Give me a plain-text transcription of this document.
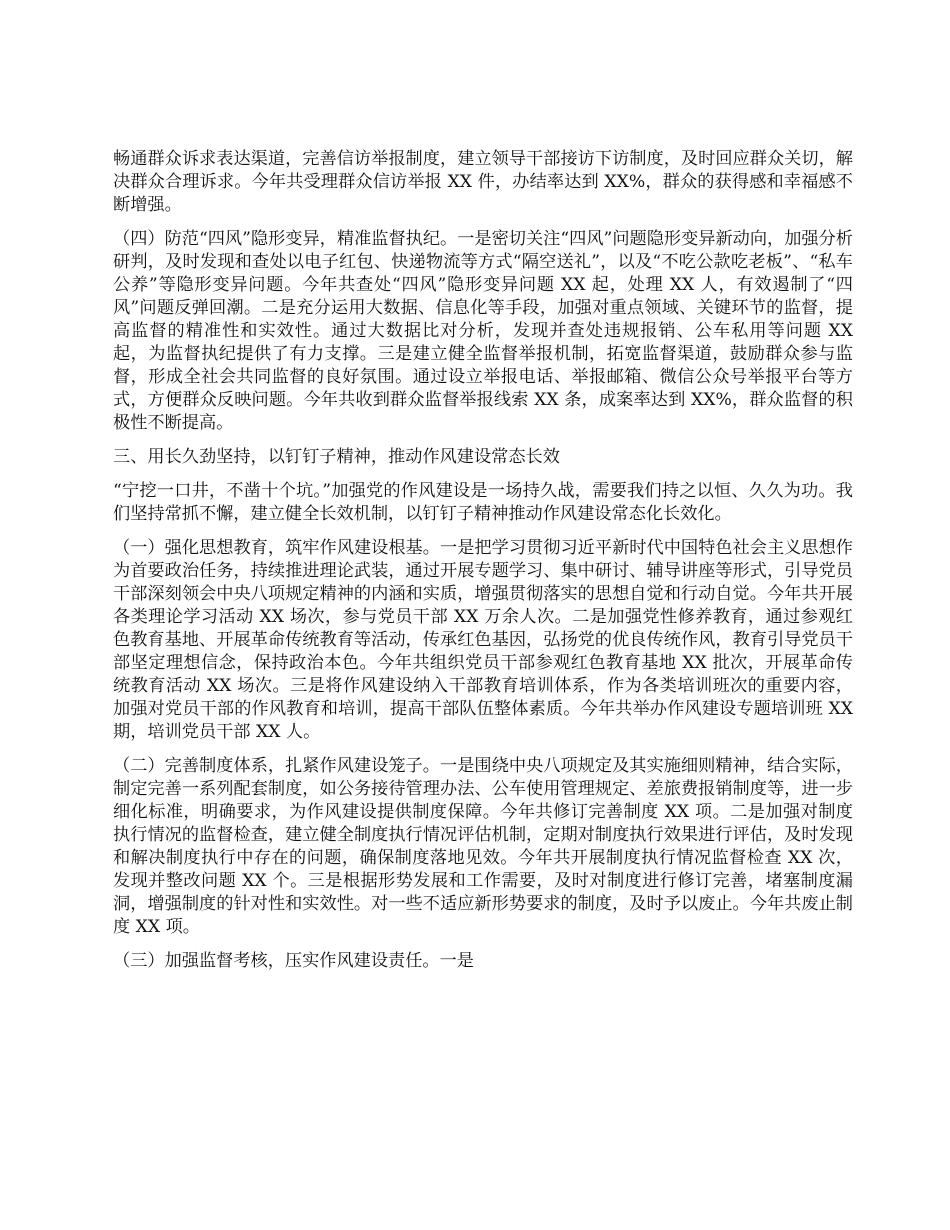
畅通群众诉求表达渠道，完善信访举报制度，建立领导干部接访下访制度，及时回应群众关切，解决群众合理诉求。今年共受理群众信访举报 XX 件，办结率达到 XX%，群众的获得感和幸福感不断增强。

（四）防范“四风”隐形变异，精准监督执纪。一是密切关注“四风”问题隐形变异新动向，加强分析研判，及时发现和查处以电子红包、快递物流等方式“隔空送礼”，以及“不吃公款吃老板”、“私车公养”等隐形变异问题。今年共查处“四风”隐形变异问题 XX 起，处理 XX 人，有效遏制了“四风”问题反弹回潮。二是充分运用大数据、信息化等手段，加强对重点领域、关键环节的监督，提高监督的精准性和实效性。通过大数据比对分析，发现并查处违规报销、公车私用等问题 XX 起，为监督执纪提供了有力支撑。三是建立健全监督举报机制，拓宽监督渠道，鼓励群众参与监督，形成全社会共同监督的良好氛围。通过设立举报电话、举报邮箱、微信公众号举报平台等方式，方便群众反映问题。今年共收到群众监督举报线索 XX 条，成案率达到 XX%，群众监督的积极性不断提高。

三、用长久劲坚持，以钉钉子精神，推动作风建设常态长效

“宁挖一口井，不凿十个坑。”加强党的作风建设是一场持久战，需要我们持之以恒、久久为功。我们坚持常抓不懈，建立健全长效机制，以钉钉子精神推动作风建设常态化长效化。

（一）强化思想教育，筑牢作风建设根基。一是把学习贯彻习近平新时代中国特色社会主义思想作为首要政治任务，持续推进理论武装，通过开展专题学习、集中研讨、辅导讲座等形式，引导党员干部深刻领会中央八项规定精神的内涵和实质，增强贯彻落实的思想自觉和行动自觉。今年共开展各类理论学习活动 XX 场次，参与党员干部 XX 万余人次。二是加强党性修养教育，通过参观红色教育基地、开展革命传统教育等活动，传承红色基因，弘扬党的优良传统作风，教育引导党员干部坚定理想信念，保持政治本色。今年共组织党员干部参观红色教育基地 XX 批次，开展革命传统教育活动 XX 场次。三是将作风建设纳入干部教育培训体系，作为各类培训班次的重要内容，加强对党员干部的作风教育和培训，提高干部队伍整体素质。今年共举办作风建设专题培训班 XX 期，培训党员干部 XX 人。

（二）完善制度体系，扎紧作风建设笼子。一是围绕中央八项规定及其实施细则精神，结合实际，制定完善一系列配套制度，如公务接待管理办法、公车使用管理规定、差旅费报销制度等，进一步细化标准，明确要求，为作风建设提供制度保障。今年共修订完善制度 XX 项。二是加强对制度执行情况的监督检查，建立健全制度执行情况评估机制，定期对制度执行效果进行评估，及时发现和解决制度执行中存在的问题，确保制度落地见效。今年共开展制度执行情况监督检查 XX 次，发现并整改问题 XX 个。三是根据形势发展和工作需要，及时对制度进行修订完善，堵塞制度漏洞，增强制度的针对性和实效性。对一些不适应新形势要求的制度，及时予以废止。今年共废止制度 XX 项。

（三）加强监督考核，压实作风建设责任。一是
